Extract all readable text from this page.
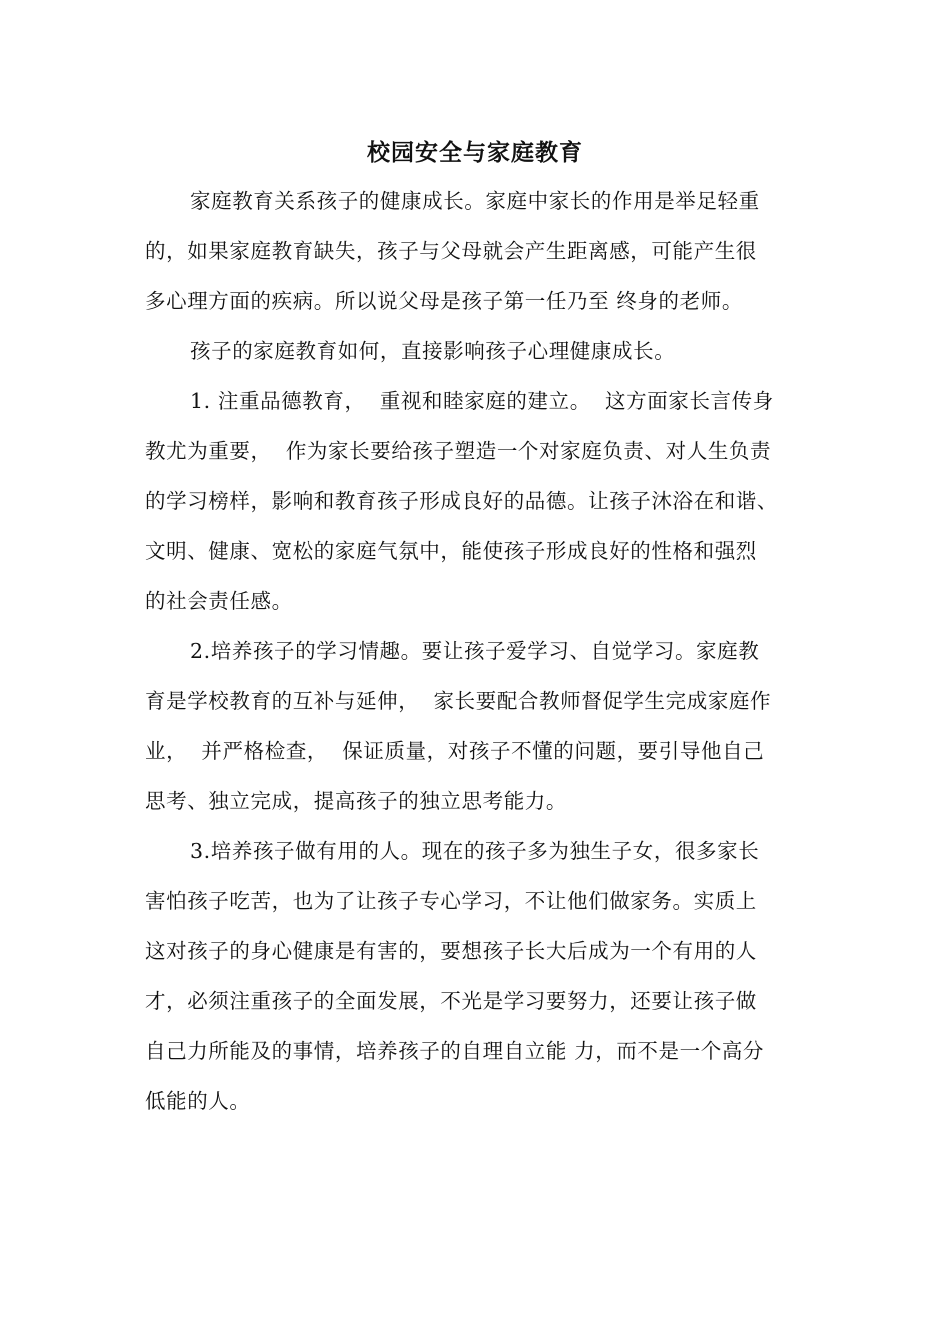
校园安全与家庭教育

家庭教育关系孩子的健康成长。家庭中家长的作用是举足轻重

的，如果家庭教育缺失，孩子与父母就会产生距离感，可能产生很

多心理方面的疾病。所以说父母是孩子第一任乃至 终身的老师。

孩子的家庭教育如何，直接影响孩子心理健康成长。

1. 注重品德教育，  重视和睦家庭的建立。  这方面家长言传身

教尤为重要，  作为家长要给孩子塑造一个对家庭负责、对人生负责

的学习榜样，影响和教育孩子形成良好的品德。让孩子沐浴在和谐、

文明、健康、宽松的家庭气氛中，能使孩子形成良好的性格和强烈

的社会责任感。

2.培养孩子的学习情趣。要让孩子爱学习、自觉学习。家庭教

育是学校教育的互补与延伸，  家长要配合教师督促学生完成家庭作

业，  并严格检查，  保证质量，对孩子不懂的问题，要引导他自己

思考、独立完成，提高孩子的独立思考能力。

3.培养孩子做有用的人。现在的孩子多为独生子女，很多家长

害怕孩子吃苦，也为了让孩子专心学习，不让他们做家务。实质上

这对孩子的身心健康是有害的，要想孩子长大后成为一个有用的人

才，必须注重孩子的全面发展，不光是学习要努力，还要让孩子做

自己力所能及的事情，培养孩子的自理自立能 力，而不是一个高分

低能的人。
